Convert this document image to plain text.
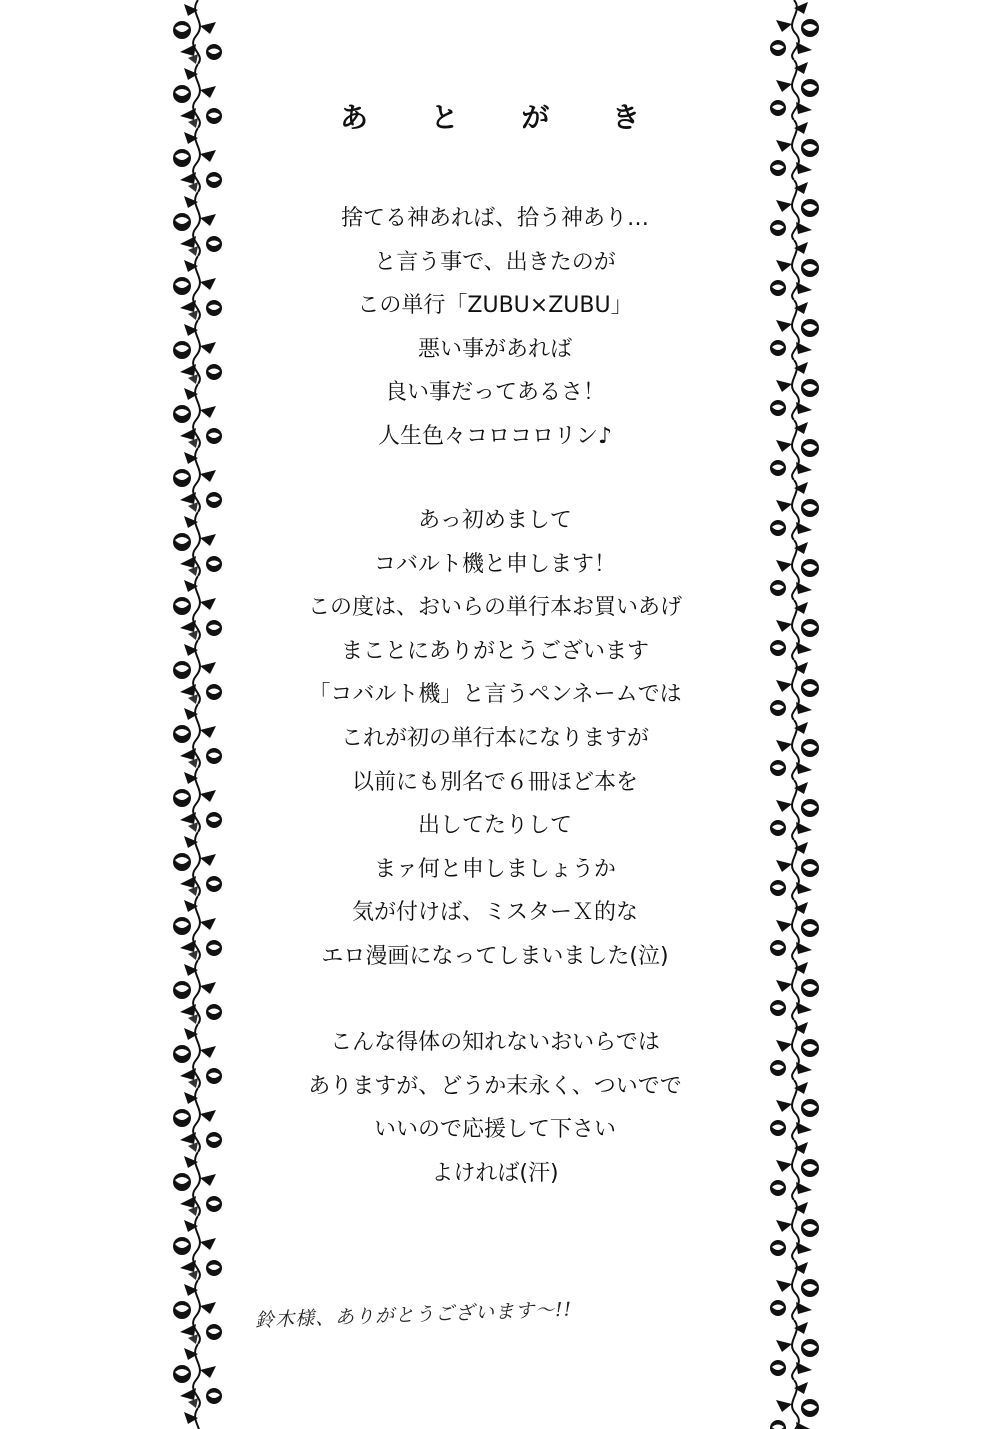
あ と が き
捨てる神あれば、拾う神あり…
と言う事で、出きたのが
この単行「ZUBU×ZUBU」
悪い事があれば
良い事だってあるさ！
人生色々コロコロリン♪
あっ初めまして
コバルト機と申します！
この度は、おいらの単行本お買いあげ
まことにありがとうございます
「コバルト機」と言うペンネームでは
これが初の単行本になりますが
以前にも別名で６冊ほど本を
出してたりして
まァ何と申しましょうか
気が付けば、ミスターＸ的な
エロ漫画になってしまいました(泣)
こんな得体の知れないおいらでは
ありますが、どうか末永く、ついでで
いいので応援して下さい
よければ(汗)
鈴木様、ありがとうございます〜!!
